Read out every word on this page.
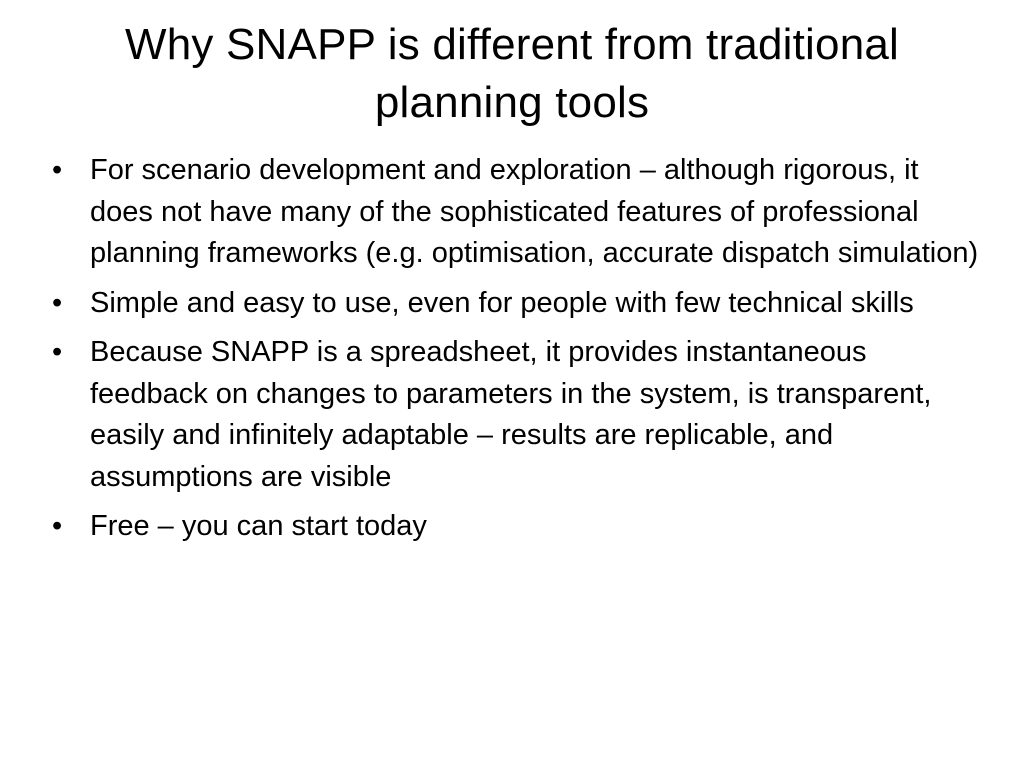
Why SNAPP is different from traditional planning tools
• For scenario development and exploration – although rigorous, it does not have many of the sophisticated features of professional planning frameworks (e.g. optimisation, accurate dispatch simulation)
• Simple and easy to use, even for people with few technical skills
• Because SNAPP is a spreadsheet, it provides instantaneous feedback on changes to parameters in the system, is transparent, easily and infinitely adaptable – results are replicable, and assumptions are visible
• Free – you can start today
